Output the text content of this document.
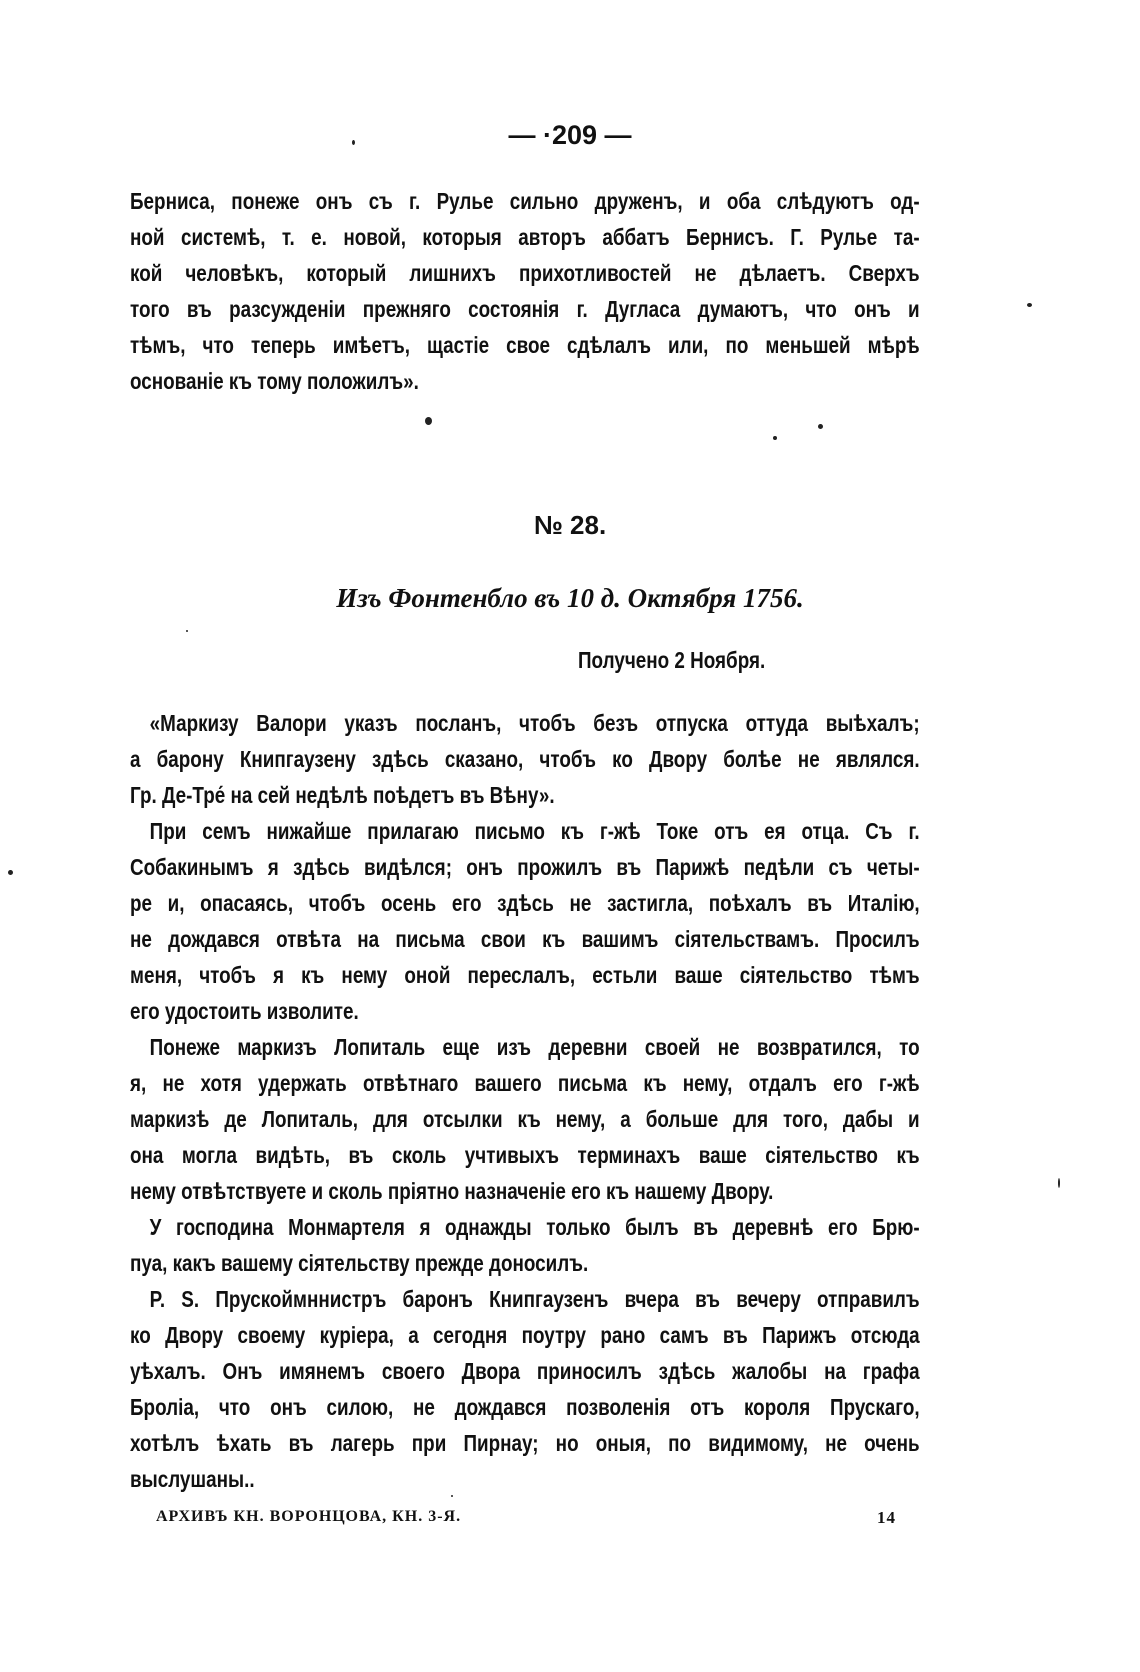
— ·209 —
Берниса, понеже онъ съ г. Рулье сильно друженъ, и оба слѣдуютъ од-
ной системѣ, т. е. новой, которыя авторъ аббатъ Бернисъ. Г. Рулье та-
кой человѣкъ, который лишнихъ прихотливостей не дѣлаетъ. Сверхъ
того въ разсужденіи прежняго состоянія г. Дугласа думаютъ, что онъ и
тѣмъ, что теперь имѣетъ, щастіе свое сдѣлалъ или, по меньшей мѣрѣ
основаніе къ тому положилъ».
№ 28.
Изъ Фонтенбло въ 10 д. Октября 1756.
Получено 2 Ноября.
«Маркизу Валори указъ посланъ, чтобъ безъ отпуска оттуда выѣхалъ;
а барону Книпгаузену здѣсь сказано, чтобъ ко Двору болѣе не являлся.
Гр. Де-Тре́ на сей недѣлѣ поѣдетъ въ Вѣну».
При семъ нижайше прилагаю письмо къ г-жѣ Токе отъ ея отца. Съ г.
Собакинымъ я здѣсь видѣлся; онъ прожилъ въ Парижѣ педѣли съ четы-
ре и, опасаясь, чтобъ осень его здѣсь не застигла, поѣхалъ въ Италію,
не дождався отвѣта на письма свои къ вашимъ сіятельствамъ. Просилъ
меня, чтобъ я къ нему оной переслалъ, естьли ваше сіятельство тѣмъ
его удостоить изволите.
Понеже маркизъ Лопиталь еще изъ деревни своей не возвратился, то
я, не хотя удержать отвѣтнаго вашего письма къ нему, отдалъ его г-жѣ
маркизѣ де Лопиталь, для отсылки къ нему, а больше для того, дабы и
она могла видѣть, въ сколь учтивыхъ терминахъ ваше сіятельство къ
нему отвѣтствуете и сколь пріятно назначеніе его къ нашему Двору.
У господина Монмартеля я однажды только былъ въ деревнѣ его Брю-
пуа, какъ вашему сіятельству прежде доносилъ.
P. S. Прускоймннистръ баронъ Книпгаузенъ вчера въ вечеру отправилъ
ко Двору своему куріера, а сегодня поутру рано самъ въ Парижъ отсюда
уѣхалъ. Онъ имянемъ своего Двора приносилъ здѣсь жалобы на графа
Броліа, что онъ силою, не дождався позволенія отъ короля Прускаго,
хотѣлъ ѣхать въ лагерь при Пирнау; но оныя, по видимому, не очень
выслушаны..
АРХИВЪ КН. ВОРОНЦОВА, КН. 3-Я.	14
